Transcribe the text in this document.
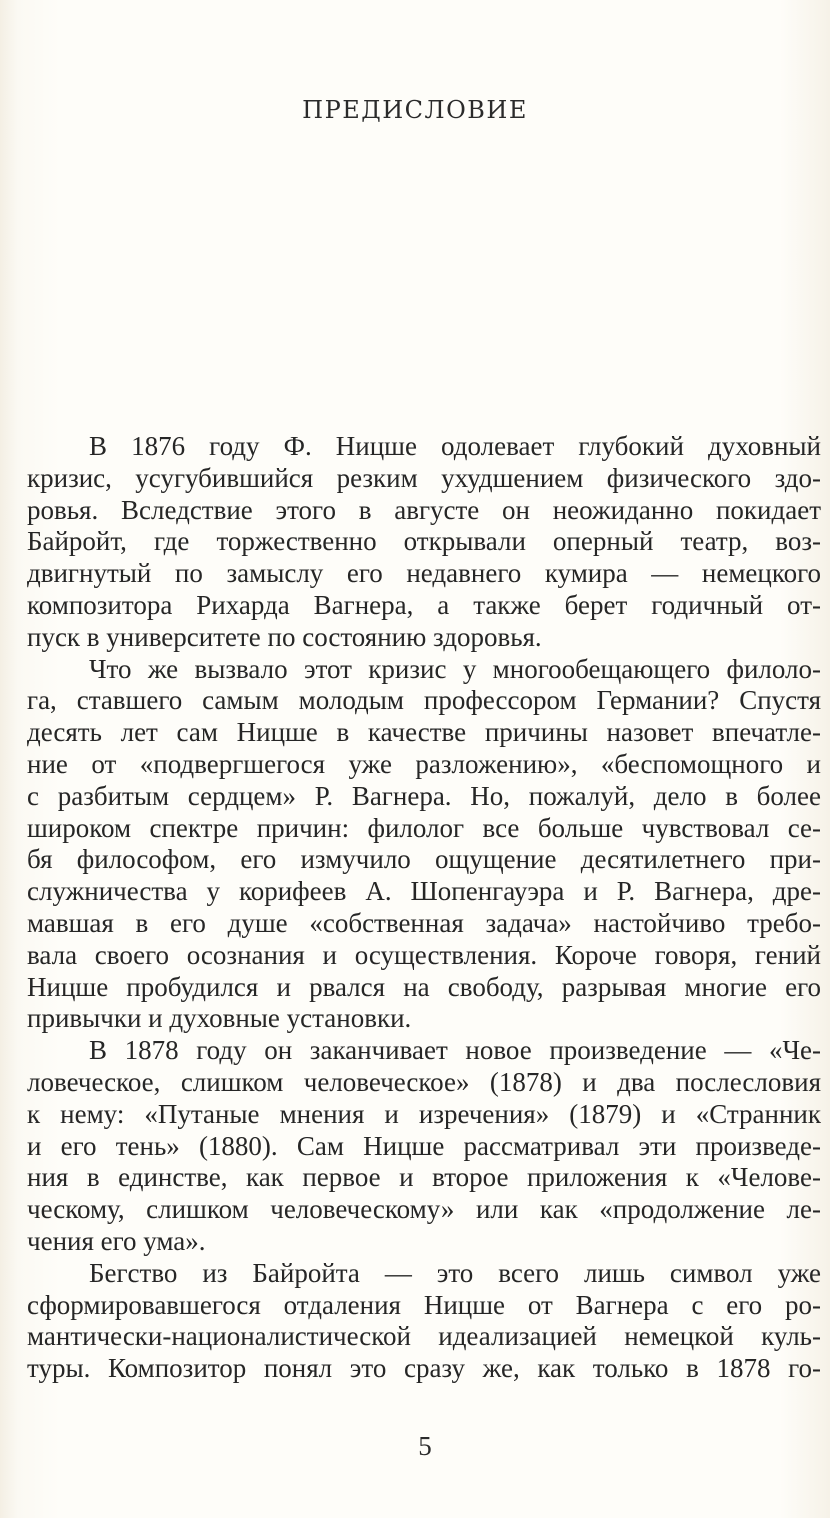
ПРЕДИСЛОВИЕ

В 1876 году Ф. Ницше одолевает глубокий духовный
кризис, усугубившийся резким ухудшением физического здо-
ровья. Вследствие этого в августе он неожиданно покидает
Байройт, где торжественно открывали оперный театр, воз-
двигнутый по замыслу его недавнего кумира — немецкого
композитора Рихарда Вагнера, а также берет годичный от-
пуск в университете по состоянию здоровья.

Что же вызвало этот кризис у многообещающего филоло-
га, ставшего самым молодым профессором Германии? Спустя
десять лет сам Ницше в качестве причины назовет впечатле-
ние от «подвергшегося уже разложению», «беспомощного и
с разбитым сердцем» Р. Вагнера. Но, пожалуй, дело в более
широком спектре причин: филолог все больше чувствовал се-
бя философом, его измучило ощущение десятилетнего при-
служничества у корифеев А. Шопенгауэра и Р. Вагнера, дре-
мавшая в его душе «собственная задача» настойчиво требо-
вала своего осознания и осуществления. Короче говоря, гений
Ницше пробудился и рвался на свободу, разрывая многие его
привычки и духовные установки.

В 1878 году он заканчивает новое произведение — «Че-
ловеческое, слишком человеческое» (1878) и два послесловия
к нему: «Путаные мнения и изречения» (1879) и «Странник
и его тень» (1880). Сам Ницше рассматривал эти произведе-
ния в единстве, как первое и второе приложения к «Челове-
ческому, слишком человеческому» или как «продолжение ле-
чения его ума».

Бегство из Байройта — это всего лишь символ уже
сформировавшегося отдаления Ницше от Вагнера с его ро-
мантически-националистической идеализацией немецкой куль-
туры. Композитор понял это сразу же, как только в 1878 го-

5
